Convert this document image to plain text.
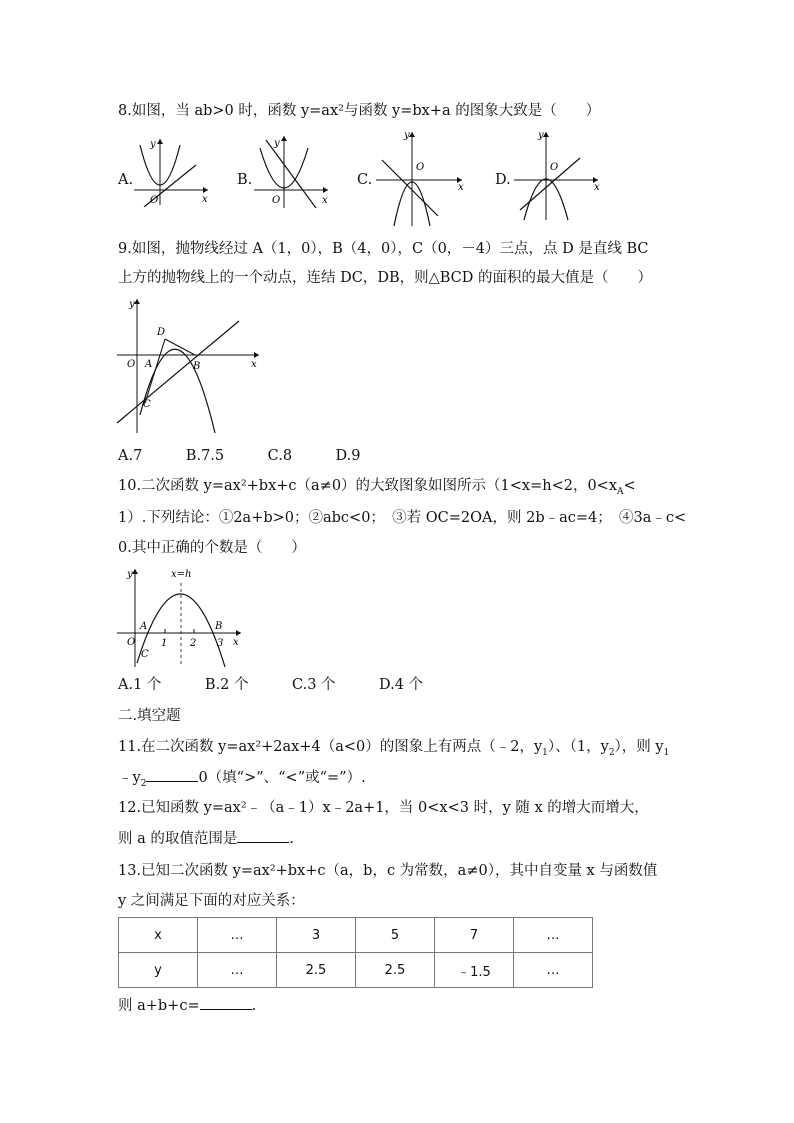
8.如图，当 ab>0 时，函数 y=ax²与函数 y=bx+a 的图象大致是（　　）
A.
O	x
y
B.
O	x
y
C.
O
x
y
D.
O
x
y
9.如图，抛物线经过 A（1，0），B（4，0），C（0，－4）三点，点 D 是直线 BC
上方的抛物线上的一个动点，连结 DC，DB，则△BCD 的面积的最大值是（　　）
y
x
O A	B
C
D
A.7　　　B.7.5　　　C.8　　　D.9
10.二次函数 y=ax²+bx+c（a≠0）的大致图象如图所示（1<x=h<2，$0<x_A<$
1）.下列结论：①2a+b>0；②abc<0；　③若 OC=2OA，则 2b﹣ac=4；　④3a﹣c<
0.其中正确的个数是（　　）
x=h
y
x
O
A	B
C
1 2 3
A.1 个　　　B.2 个　　　C.3 个　　　D.4 个
二.填空题
11.在二次函数 y=ax²+2ax+4（a<0）的图象上有两点（﹣2，$y_1$）、（1，$y_2$），则 $y_1$
$﹣y_2$	0（填“>”、“<”或“=”）.
12.已知函数 y=ax²﹣（a﹣1）x﹣2a+1，当 0<x<3 时，y 随 x 的增大而增大，
则 a 的取值范围是	.
13.已知二次函数 y=ax²+bx+c（a，b，c 为常数，a≠0），其中自变量 x 与函数值
y 之间满足下面的对应关系：
x	…	3	5	7	…
y	…	2.5	2.5	﹣1.5	…
则 a+b+c=	.
